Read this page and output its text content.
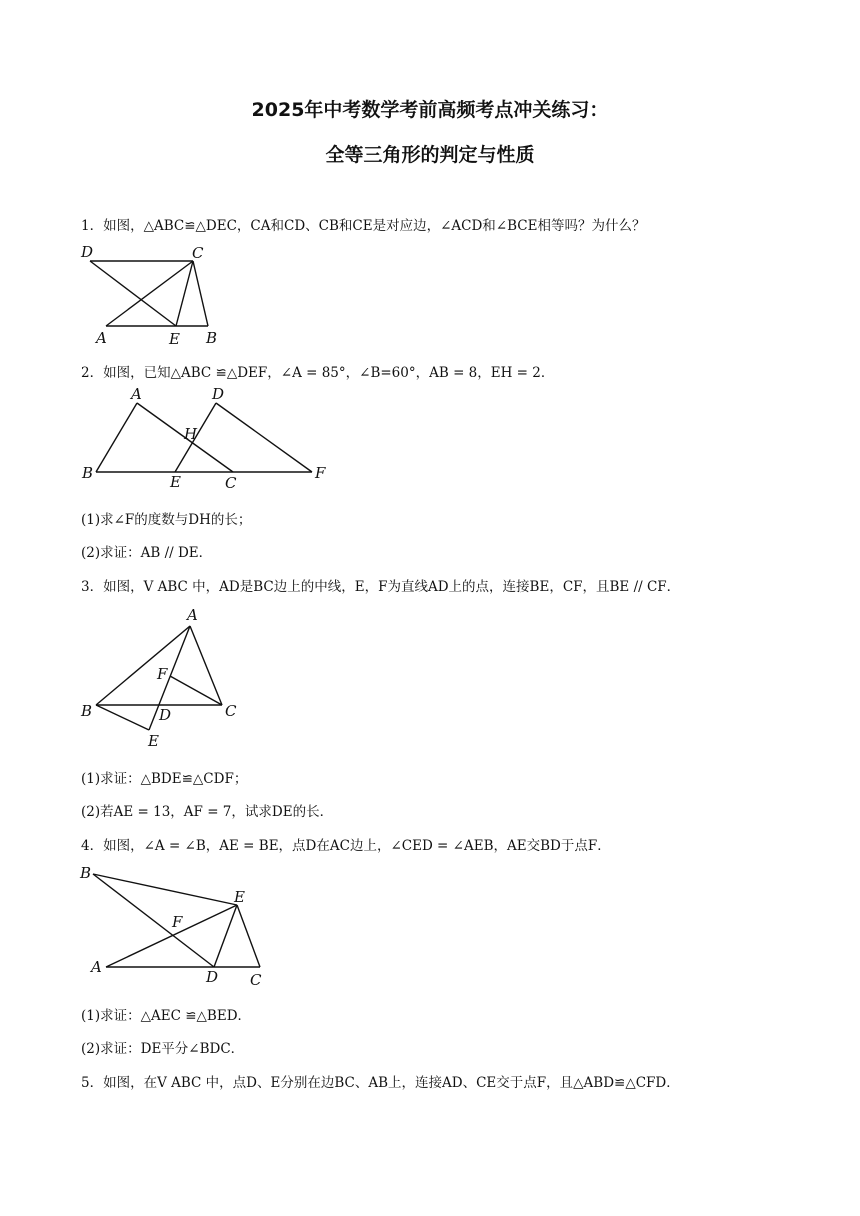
2025年中考数学考前高频考点冲关练习：
全等三角形的判定与性质
1．如图，△ABC≌△DEC，CA和CD、CB和CE是对应边，∠ACD和∠BCE相等吗？为什么？
D	C
A	E B
2．如图，已知△ABC ≌△DEF，∠A = 85°，∠B=60°，AB = 8，EH = 2．
A	D
H
B	E	C
F
(1)求∠F的度数与DH的长；
(2)求证：AB // DE．
3．如图，V ABC 中，AD是BC边上的中线，E，F为直线AD上的点，连接BE，CF，且BE // CF．
A
F
B	D	C
E
(1)求证：△BDE≌△CDF；
(2)若AE = 13，AF = 7，试求DE的长．
4．如图，∠A = ∠B，AE = BE，点D在AC边上，∠CED = ∠AEB，AE交BD于点F．
B
E
F
A
D C
(1)求证：△AEC ≌△BED．
(2)求证：DE平分∠BDC．
5．如图，在V ABC 中，点D、E分别在边BC、AB上，连接AD、CE交于点F，且△ABD≌△CFD．
